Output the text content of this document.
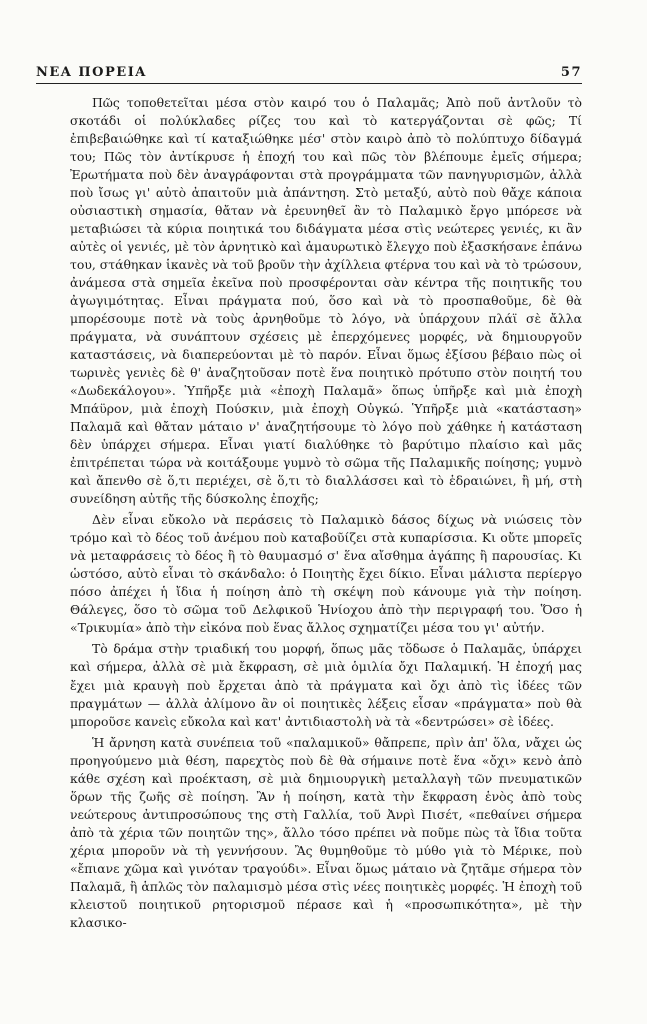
ΝΕΑ ΠΟΡΕΙΑ	57

Πῶς τοποθετεῖται μέσα στὸν καιρό του ὁ Παλαμᾶς; Ἀπὸ ποῦ ἀντλοῦν τὸ σκοτάδι οἱ πολύκλαδες ρίζες του καὶ τὸ κατεργάζονται σὲ φῶς; Τί ἐπιβεβαιώθηκε καὶ τί καταξιώθηκε μέσ' στὸν καιρὸ ἀπὸ τὸ πολύπτυχο δίδαγμά του; Πῶς τὸν ἀντίκρυσε ἡ ἐποχή του καὶ πῶς τὸν βλέπουμε ἐμεῖς σήμερα; Ἐρωτήματα ποὺ δὲν ἀναγράφονται στὰ προγράμματα τῶν πανηγυρισμῶν, ἀλλὰ ποὺ ἴσως γι' αὐτὸ ἀπαιτοῦν μιὰ ἀπάντηση. Στὸ μεταξύ, αὐτὸ ποὺ θἄχε κάποια οὐσιαστικὴ σημασία, θἄταν νὰ ἐρευνηθεῖ ἂν τὸ Παλαμικὸ ἔργο μπόρεσε νὰ μεταβιώσει τὰ κύρια ποιητικά του διδάγματα μέσα στὶς νεώτερες γενιές, κι ἂν αὐτὲς οἱ γενιές, μὲ τὸν ἀρνητικὸ καὶ ἀμαυρωτικὸ ἔλεγχο ποὺ ἐξασκήσανε ἐπάνω του, στάθηκαν ἱκανὲς νὰ τοῦ βροῦν τὴν ἀχίλλεια φτέρνα του καὶ νὰ τὸ τρώσουν, ἀνάμεσα στὰ σημεῖα ἐκεῖνα ποὺ προσφέρονται σὰν κέντρα τῆς ποιητικῆς του ἀγωγιμότητας. Εἶναι πράγματα πού, ὅσο καὶ νὰ τὸ προσπαθοῦμε, δὲ θὰ μπορέσουμε ποτὲ νὰ τοὺς ἀρνηθοῦμε τὸ λόγο, νὰ ὑπάρχουν πλάϊ σὲ ἄλλα πράγματα, νὰ συνάπτουν σχέσεις μὲ ἐπερχόμενες μορφές, νὰ δημιουργοῦν καταστάσεις, νὰ διαπερεύονται μὲ τὸ παρόν. Εἶναι ὅμως ἐξίσου βέβαιο πὼς οἱ τωρινὲς γενιὲς δὲ θ' ἀναζητοῦσαν ποτὲ ἕνα ποιητικὸ πρότυπο στὸν ποιητή του «Δωδεκάλογου». Ὑπῆρξε μιὰ «ἐποχὴ Παλαμᾶ» ὅπως ὑπῆρξε καὶ μιὰ ἐποχὴ Μπάϋρον, μιὰ ἐποχὴ Πούσκιν, μιὰ ἐποχὴ Οὐγκώ. Ὑπῆρξε μιὰ «κατάσταση» Παλαμᾶ καὶ θἄταν μάταιο ν' ἀναζητήσουμε τὸ λόγο ποὺ χάθηκε ἡ κατάσταση δὲν ὑπάρχει σήμερα. Εἶναι γιατί διαλύθηκε τὸ βαρύτιμο πλαίσιο καὶ μᾶς ἐπιτρέπεται τώρα νὰ κοιτάξουμε γυμνὸ τὸ σῶμα τῆς Παλαμικῆς ποίησης; γυμνὸ καὶ ἄπενθο σὲ ὅ,τι περιέχει, σὲ ὅ,τι τὸ διαλλάσσει καὶ τὸ ἑδραιώνει, ἢ μή, στὴ συνείδηση αὐτῆς τῆς δύσκολης ἐποχῆς;

Δὲν εἶναι εὔκολο νὰ περάσεις τὸ Παλαμικὸ δάσος δίχως νὰ νιώσεις τὸν τρόμο καὶ τὸ δέος τοῦ ἀνέμου ποὺ καταβοῦίζει στὰ κυπαρίσσια. Κι οὔτε μπορεῖς νὰ μεταφράσεις τὸ δέος ἢ τὸ θαυμασμό σ' ἕνα αἴσθημα ἀγάπης ἢ παρουσίας. Κι ὡστόσο, αὐτὸ εἶναι τὸ σκάνδαλο: ὁ Ποιητὴς ἔχει δίκιο. Εἶναι μάλιστα περίεργο πόσο ἀπέχει ἡ ἴδια ἡ ποίηση ἀπὸ τὴ σκέψη ποὺ κάνουμε γιὰ τὴν ποίηση. Θάλεγες, ὅσο τὸ σῶμα τοῦ Δελφικοῦ Ἡνίοχου ἀπὸ τὴν περιγραφή του. Ὅσο ἡ «Τρικυμία» ἀπὸ τὴν εἰκόνα ποὺ ἕνας ἄλλος σχηματίζει μέσα του γι' αὐτήν.

Τὸ δράμα στὴν τριαδική του μορφή, ὅπως μᾶς τὅδωσε ὁ Παλαμᾶς, ὑπάρχει καὶ σήμερα, ἀλλὰ σὲ μιὰ ἔκφραση, σὲ μιὰ ὁμιλία ὄχι Παλαμική. Ἡ ἐποχή μας ἔχει μιὰ κραυγὴ ποὺ ἔρχεται ἀπὸ τὰ πράγματα καὶ ὄχι ἀπὸ τὶς ἰδέες τῶν πραγμάτων — ἀλλὰ ἀλίμονο ἂν οἱ ποιητικὲς λέξεις εἶσαν «πράγματα» ποὺ θὰ μποροῦσε κανεὶς εὔκολα καὶ κατ' ἀντιδιαστολὴ νὰ τὰ «δεντρώσει» σὲ ἰδέες.

Ἡ ἄρνηση κατὰ συνέπεια τοῦ «παλαμικοῦ» θἄπρεπε, πρὶν ἀπ' ὅλα, νἄχει ὡς προηγούμενο μιὰ θέση, παρεχτὸς ποὺ δὲ θὰ σήμαινε ποτὲ ἕνα «ὄχι» κενὸ ἀπὸ κάθε σχέση καὶ προέκταση, σὲ μιὰ δημιουργικὴ μεταλλαγὴ τῶν πνευματικῶν ὅρων τῆς ζωῆς σὲ ποίηση. Ἂν ἡ ποίηση, κατὰ τὴν ἔκφραση ἑνὸς ἀπὸ τοὺς νεώτερους ἀντιπροσώπους της στὴ Γαλλία, τοῦ Ἀνρὶ Πισέτ, «πεθαίνει σήμερα ἀπὸ τὰ χέρια τῶν ποιητῶν της», ἄλλο τόσο πρέπει νὰ ποῦμε πὼς τὰ ἴδια τοῦτα χέρια μποροῦν νὰ τὴ γεννήσουν. Ἂς θυμηθοῦμε τὸ μύθο γιὰ τὸ Μέρικε, ποὺ «ἔπιανε χῶμα καὶ γινόταν τραγούδι». Εἶναι ὅμως μάταιο νὰ ζητᾶμε σήμερα τὸν Παλαμᾶ, ἢ ἁπλῶς τὸν παλαμισμὸ μέσα στὶς νέες ποιητικὲς μορφές. Ἡ ἐποχὴ τοῦ κλειστοῦ ποιητικοῦ ρητορισμοῦ πέρασε καὶ ἡ «προσωπικότητα», μὲ τὴν κλασικο-
